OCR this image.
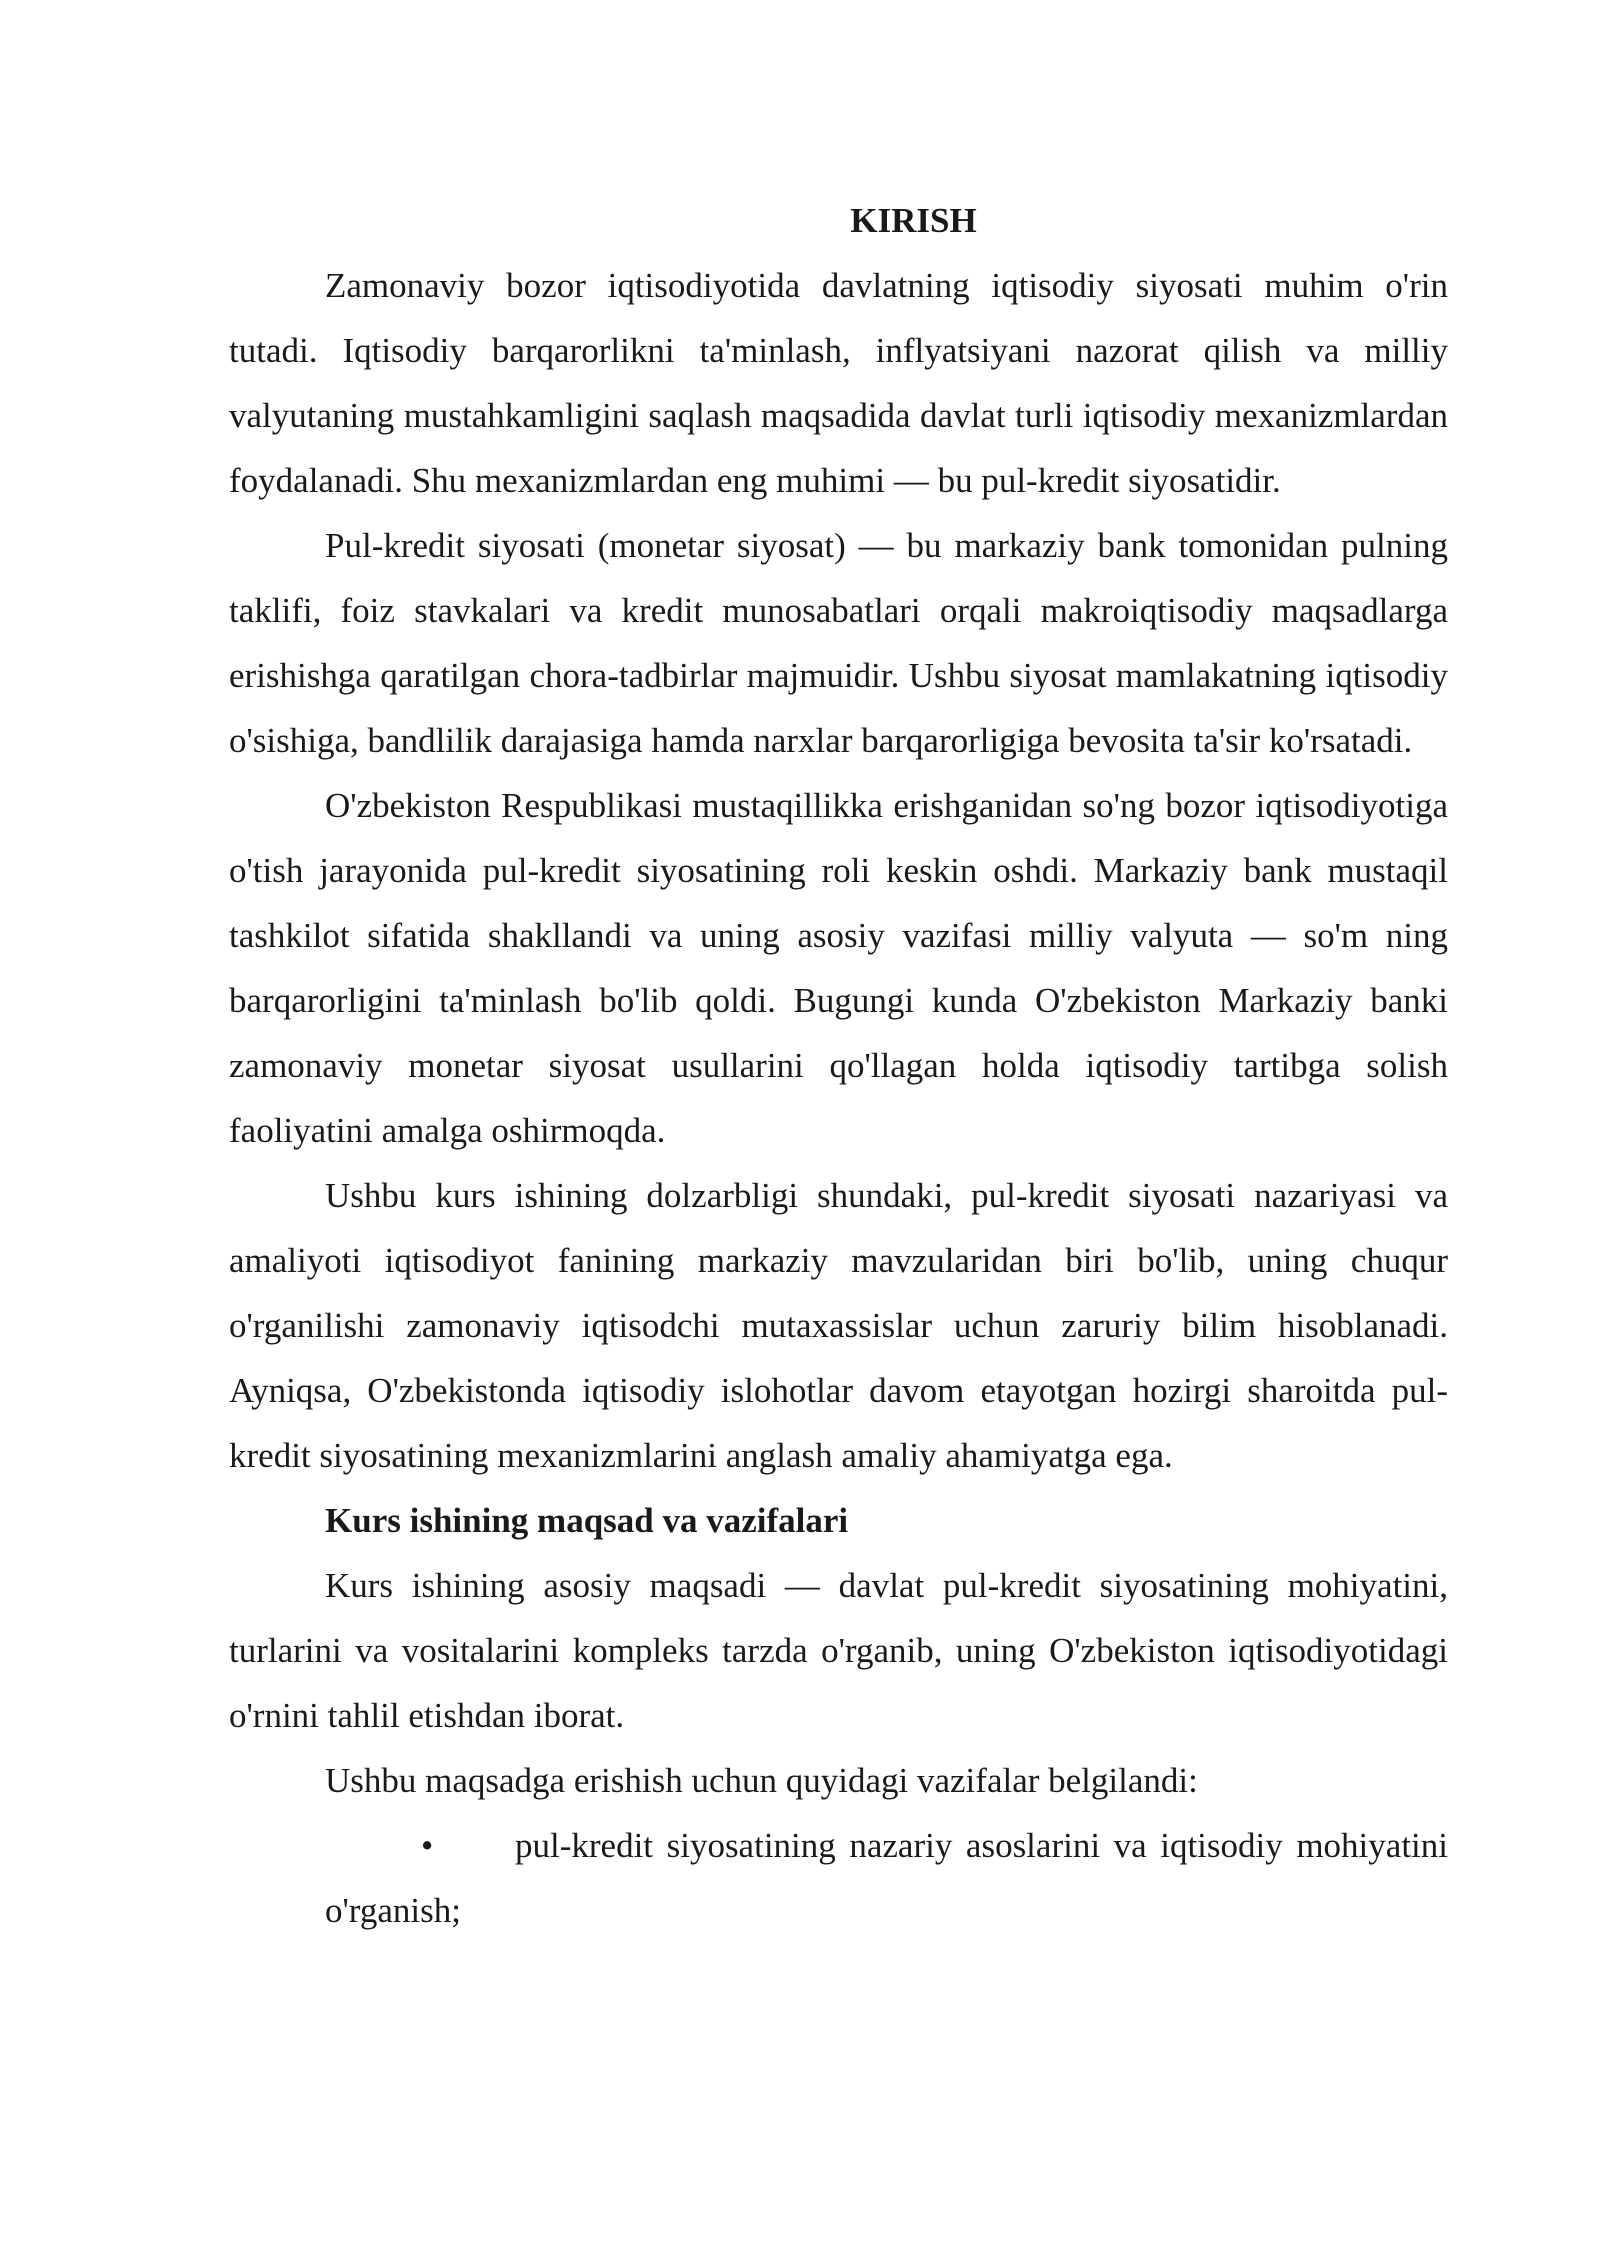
KIRISH

Zamonaviy bozor iqtisodiyotida davlatning iqtisodiy siyosati muhim o'rin tutadi. Iqtisodiy barqarorlikni ta'minlash, inflyatsiyani nazorat qilish va milliy valyutaning mustahkamligini saqlash maqsadida davlat turli iqtisodiy mexanizmlardan foydalanadi. Shu mexanizmlardan eng muhimi — bu pul-kredit siyosatidir.

Pul-kredit siyosati (monetar siyosat) — bu markaziy bank tomonidan pulning taklifi, foiz stavkalari va kredit munosabatlari orqali makroiqtisodiy maqsadlarga erishishga qaratilgan chora-tadbirlar majmuidir. Ushbu siyosat mamlakatning iqtisodiy o'sishiga, bandlilik darajasiga hamda narxlar barqarorligiga bevosita ta'sir ko'rsatadi.

O'zbekiston Respublikasi mustaqillikka erishganidan so'ng bozor iqtisodiyotiga o'tish jarayonida pul-kredit siyosatining roli keskin oshdi. Markaziy bank mustaqil tashkilot sifatida shakllandi va uning asosiy vazifasi milliy valyuta — so'm ning barqarorligini ta'minlash bo'lib qoldi. Bugungi kunda O'zbekiston Markaziy banki zamonaviy monetar siyosat usullarini qo'llagan holda iqtisodiy tartibga solish faoliyatini amalga oshirmoqda.

Ushbu kurs ishining dolzarbligi shundaki, pul-kredit siyosati nazariyasi va amaliyoti iqtisodiyot fanining markaziy mavzularidan biri bo'lib, uning chuqur o'rganilishi zamonaviy iqtisodchi mutaxassislar uchun zaruriy bilim hisoblanadi. Ayniqsa, O'zbekistonda iqtisodiy islohotlar davom etayotgan hozirgi sharoitda pul-kredit siyosatining mexanizmlarini anglash amaliy ahamiyatga ega.

Kurs ishining maqsad va vazifalari

Kurs ishining asosiy maqsadi — davlat pul-kredit siyosatining mohiyatini, turlarini va vositalarini kompleks tarzda o'rganib, uning O'zbekiston iqtisodiyotidagi o'rnini tahlil etishdan iborat.

Ushbu maqsadga erishish uchun quyidagi vazifalar belgilandi:

• pul-kredit siyosatining nazariy asoslarini va iqtisodiy mohiyatini o'rganish;
